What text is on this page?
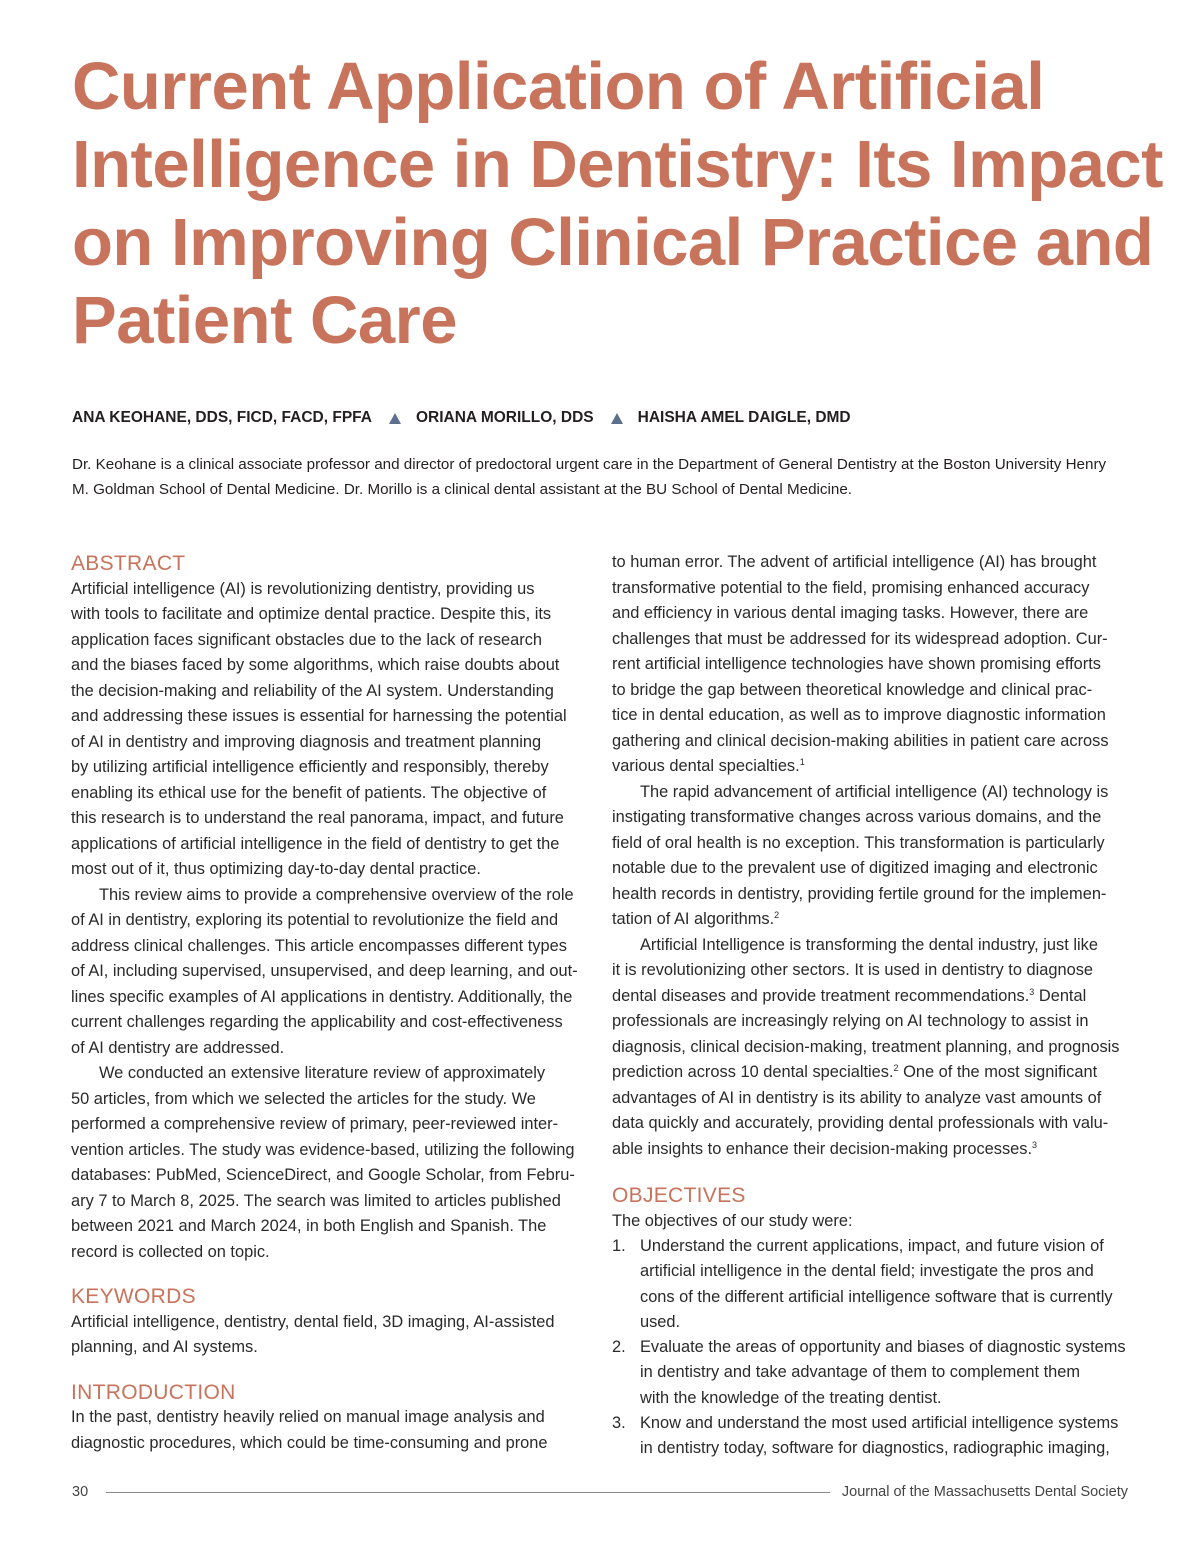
Current Application of Artificial
Intelligence in Dentistry: Its Impact
on Improving Clinical Practice and
Patient Care
ANA KEOHANE, DDS, FICD, FACD, FPFA	ORIANA MORILLO, DDS	HAISHA AMEL DAIGLE, DMD
Dr. Keohane is a clinical associate professor and director of predoctoral urgent care in the Department of General Dentistry at the Boston University Henry
M. Goldman School of Dental Medicine. Dr. Morillo is a clinical dental assistant at the BU School of Dental Medicine.
ABSTRACT
Artificial intelligence (AI) is revolutionizing dentistry, providing us
with tools to facilitate and optimize dental practice. Despite this, its
application faces significant obstacles due to the lack of research
and the biases faced by some algorithms, which raise doubts about
the decision-making and reliability of the AI system. Understanding
and addressing these issues is essential for harnessing the potential
of AI in dentistry and improving diagnosis and treatment planning
by utilizing artificial intelligence efficiently and responsibly, thereby
enabling its ethical use for the benefit of patients. The objective of
this research is to understand the real panorama, impact, and future
applications of artificial intelligence in the field of dentistry to get the
most out of it, thus optimizing day-to-day dental practice.
This review aims to provide a comprehensive overview of the role
of AI in dentistry, exploring its potential to revolutionize the field and
address clinical challenges. This article encompasses different types
of AI, including supervised, unsupervised, and deep learning, and out-
lines specific examples of AI applications in dentistry. Additionally, the
current challenges regarding the applicability and cost-effectiveness
of AI dentistry are addressed.
We conducted an extensive literature review of approximately
50 articles, from which we selected the articles for the study. We
performed a comprehensive review of primary, peer-reviewed inter-
vention articles. The study was evidence-based, utilizing the following
databases: PubMed, ScienceDirect, and Google Scholar, from Febru-
ary 7 to March 8, 2025. The search was limited to articles published
between 2021 and March 2024, in both English and Spanish. The
record is collected on topic.
KEYWORDS
Artificial intelligence, dentistry, dental field, 3D imaging, AI-assisted
planning, and AI systems.
INTRODUCTION
In the past, dentistry heavily relied on manual image analysis and
diagnostic procedures, which could be time-consuming and prone
to human error. The advent of artificial intelligence (AI) has brought
transformative potential to the field, promising enhanced accuracy
and efficiency in various dental imaging tasks. However, there are
challenges that must be addressed for its widespread adoption. Cur-
rent artificial intelligence technologies have shown promising efforts
to bridge the gap between theoretical knowledge and clinical prac-
tice in dental education, as well as to improve diagnostic information
gathering and clinical decision-making abilities in patient care across
various dental specialties.$^1$
The rapid advancement of artificial intelligence (AI) technology is
instigating transformative changes across various domains, and the
field of oral health is no exception. This transformation is particularly
notable due to the prevalent use of digitized imaging and electronic
health records in dentistry, providing fertile ground for the implemen-
tation of AI algorithms.$^2$
Artificial Intelligence is transforming the dental industry, just like
it is revolutionizing other sectors. It is used in dentistry to diagnose
dental diseases and provide treatment recommendations.$^3$ Dental
professionals are increasingly relying on AI technology to assist in
diagnosis, clinical decision-making, treatment planning, and prognosis
prediction across 10 dental specialties.$^2$ One of the most significant
advantages of AI in dentistry is its ability to analyze vast amounts of
data quickly and accurately, providing dental professionals with valu-
able insights to enhance their decision-making processes.$^3$
OBJECTIVES
The objectives of our study were:
1. Understand the current applications, impact, and future vision of
artificial intelligence in the dental field; investigate the pros and
cons of the different artificial intelligence software that is currently
used.
2. Evaluate the areas of opportunity and biases of diagnostic systems
in dentistry and take advantage of them to complement them
with the knowledge of the treating dentist.
3. Know and understand the most used artificial intelligence systems
in dentistry today, software for diagnostics, radiographic imaging,
30	Journal of the Massachusetts Dental Society
